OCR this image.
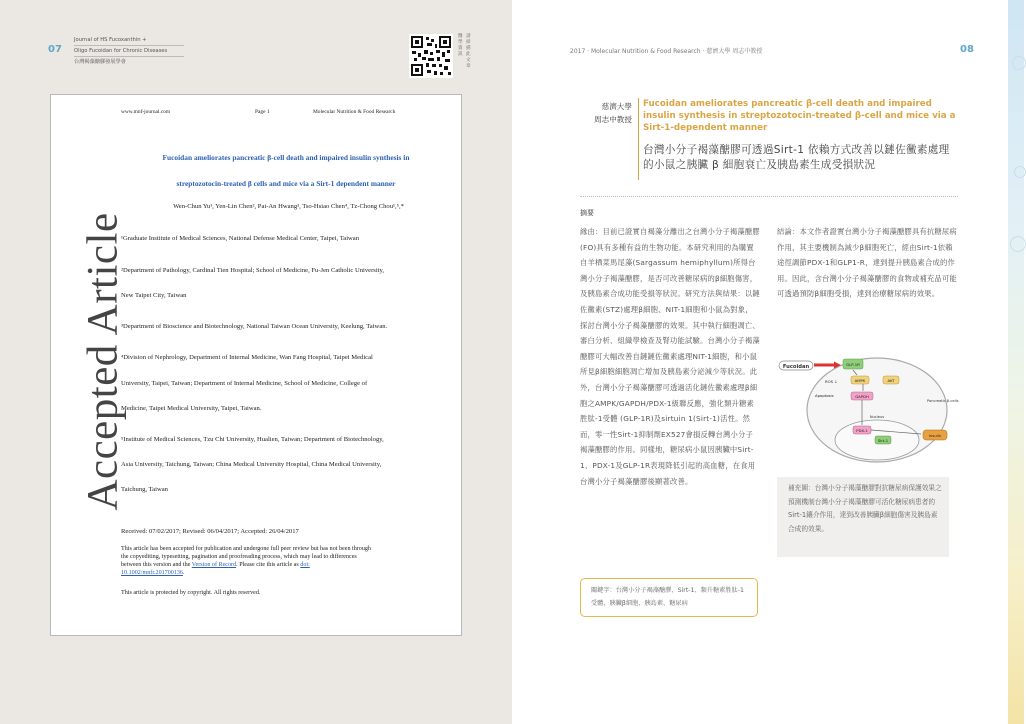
07
Journal of HS Fucoxanthin +
Oligo Fucoidan for Chronic Diseases
台灣褐藻醣膠發展學會
醫學資訊
請掃描此文章
www.mnf-journal.com	Page 1	Molecular Nutrition & Food Research
Accepted Article
Fucoidan ameliorates pancreatic β-cell death and impaired insulin synthesis in
streptozotocin-treated β cells and mice via a Sirt-1 dependent manner
Wen-Chun Yu¹, Yen-Lin Chen², Pai-An Hwang³, Tso-Hsiao Chen⁴, Tz-Chong Chou¹,⁵,*
¹Graduate Institute of Medical Sciences, National Defense Medical Center, Taipei, Taiwan
²Department of Pathology, Cardinal Tien Hospital; School of Medicine, Fu-Jen Catholic University,
New Taipei City, Taiwan
³Department of Bioscience and Biotechnology, National Taiwan Ocean University, Keelung, Taiwan.
⁴Division of Nephrology, Department of Internal Medicine, Wan Fang Hospital, Taipei Medical
University, Taipei, Taiwan; Department of Internal Medicine, School of Medicine, College of
Medicine, Taipei Medical University, Taipei, Taiwan.
⁵Institute of Medical Sciences, Tzu Chi University, Hualien, Taiwan; Department of Biotechnology,
Asia University, Taichung, Taiwan; China Medical University Hospital, China Medical University,
Taichung, Taiwan
Received: 07/02/2017; Revised: 06/04/2017; Accepted: 26/04/2017
This article has been accepted for publication and undergone full peer review but has not been through
the copyediting, typesetting, pagination and proofreading process, which may lead to differences
between this version and the Version of Record. Please cite this article as doi:
10.1002/mnfr.201700136.
This article is protected by copyright. All rights reserved.
2017 · Molecular Nutrition & Food Research · 慈濟大學 周志中教授	08
慈濟大學
周志中教授
Fucoidan ameliorates pancreatic β-cell death and impaired insulin synthesis in streptozotocin-treated β-cell and mice via a Sirt-1-dependent manner
台灣小分子褐藻醣膠可透過Sirt-1 依賴方式改善以鏈佐黴素處理的小鼠之胰臟 β 細胞衰亡及胰島素生成受損狀況
摘要
緣由：目前已證實自褐藻分離出之台灣小分子褐藻醣膠(FO)具有多種有益的生物功能。本研究利用的為購置自羊栖菜馬尾藻(Sargassum hemiphyllum)所得台灣小分子褐藻醣膠，是否可改善糖尿病的β細胞傷害，及胰島素合成功能受損等狀況。研究方法與結果：以鏈佐黴素(STZ)處理β細胞、NIT-1細胞和小鼠為對象，探討台灣小分子褐藻醣膠的效果。其中執行細胞凋亡、審白分析、組織學檢查及腎功能試驗。台灣小分子褐藻醣膠可大幅改善自鏈鏈佐黴素處理NIT-1細胞，和小鼠所見β細胞細胞凋亡增加及胰島素分泌減少等狀況。此外，台灣小分子褐藻醣膠可透過活化鏈佐黴素處理β細胞之AMPK/GAPDH/PDX-1級聯反應，強化類升糖素胜肽-1受體 (GLP-1R)及sirtuin 1(Sirt-1)活性。然而，零一性Sirt-1抑制劑EX527會損反轉台灣小分子褐藻醣膠的作用。同樣地，糖尿病小鼠因胰臟中Sirt-1、PDX-1及GLP-1R表現降低引起的高血糖，在食用台灣小分子褐藻醣膠後顯著改善。
結論：本文作者證實台灣小分子褐藻醣膠具有抗糖尿病作用，其主要機制為減少β細胞死亡，經由Sirt-1依賴途徑調節PDX-1和GLP1-R，達到提升胰島素合成的作用。因此，含台灣小分子褐藻醣膠的食物或補充品可能可透過預防β細胞受損，達到治療糖尿病的效果。
Fucoidan	GLP-1R
AMPK	AKT
ROS ↓
Apoptosis	GAPDH
Nucleus
PDX-1
Sirt-1
Insulin
Pancreatic β-cells
補充圖：台灣小分子褐藻醣膠對抗糖尿病保護效果之預測機制台灣小分子褐藻醣膠可活化糖尿病患者的Sirt-1鑲介作用，達到改善胰臟β細胞傷害及胰島素合成的效果。
關鍵字：台灣小分子褐藻醣膠、Sirt-1、類升糖素胜肽-1受體、胰臟β細胞、胰島素、糖尿病
